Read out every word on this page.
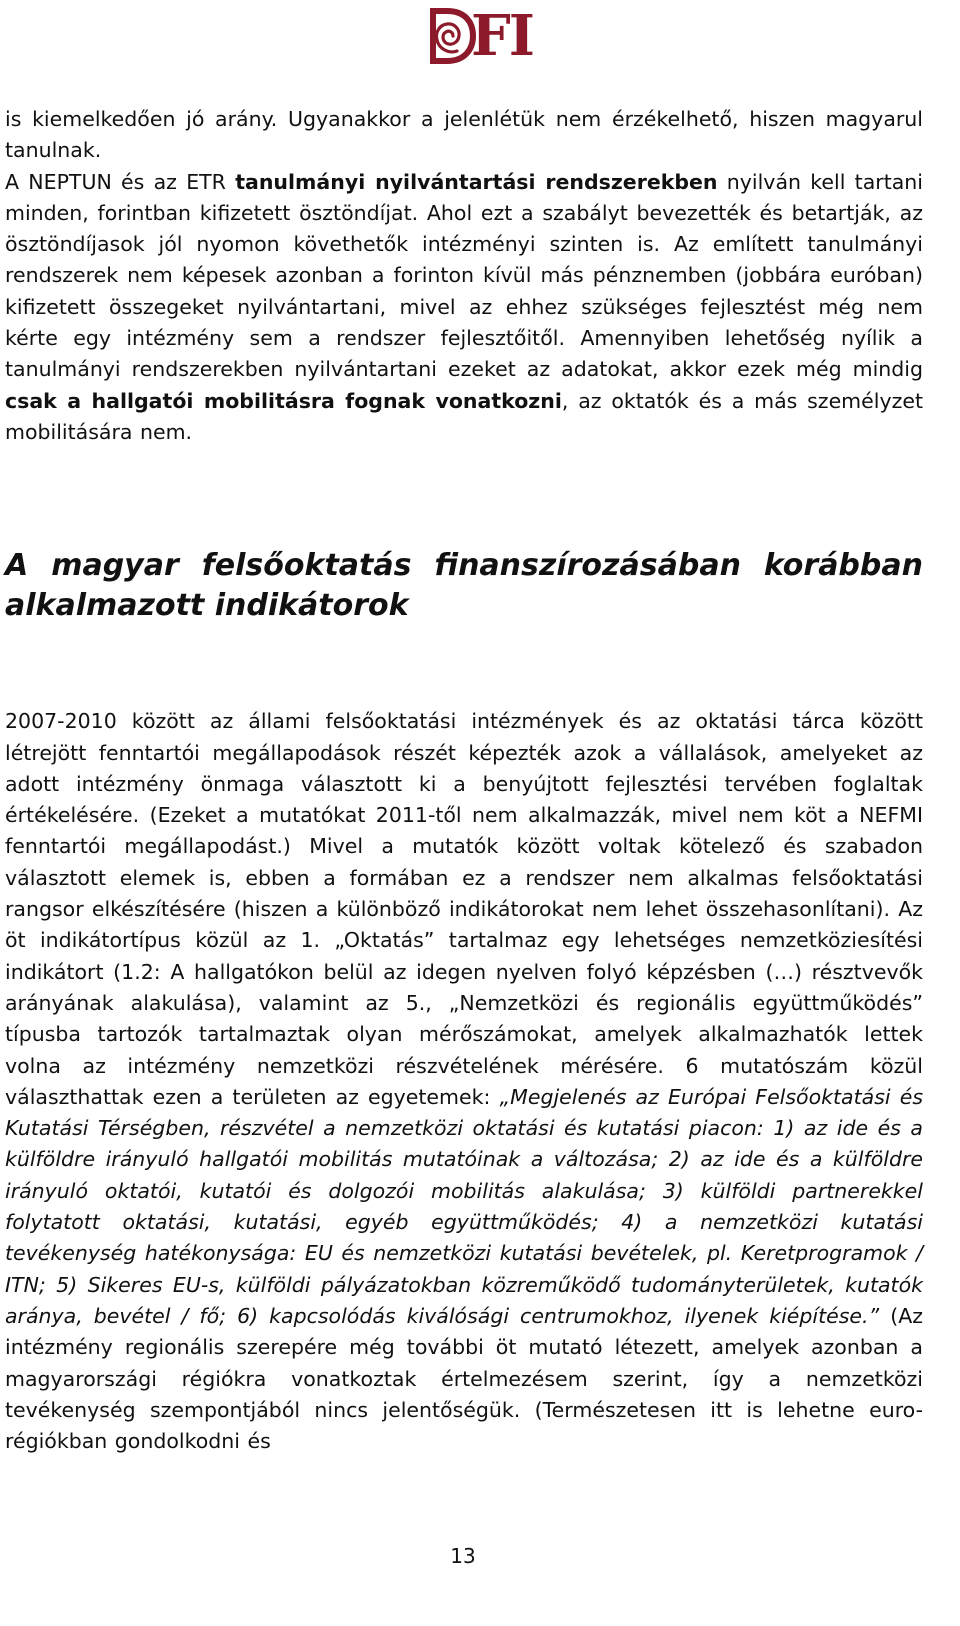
FI

is kiemelkedően jó arány. Ugyanakkor a jelenlétük nem érzékelhető, hiszen magyarul tanulnak.

A NEPTUN és az ETR tanulmányi nyilvántartási rendszerekben nyilván kell tartani minden, forintban kifizetett ösztöndíjat. Ahol ezt a szabályt bevezették és betartják, az ösztöndíjasok jól nyomon követhetők intézményi szinten is. Az említett tanulmányi rendszerek nem képesek azonban a forinton kívül más pénznemben (jobbára euróban) kifizetett összegeket nyilvántartani, mivel az ehhez szükséges fejlesztést még nem kérte egy intézmény sem a rendszer fejlesztőitől. Amennyiben lehetőség nyílik a tanulmányi rendszerekben nyilvántartani ezeket az adatokat, akkor ezek még mindig csak a hallgatói mobilitásra fognak vonatkozni, az oktatók és a más személyzet mobilitására nem.

A magyar felsőoktatás finanszírozásában korábban alkalmazott indikátorok

2007-2010 között az állami felsőoktatási intézmények és az oktatási tárca között létrejött fenntartói megállapodások részét képezték azok a vállalások, amelyeket az adott intézmény önmaga választott ki a benyújtott fejlesztési tervében foglaltak értékelésére. (Ezeket a mutatókat 2011-től nem alkalmazzák, mivel nem köt a NEFMI fenntartói megállapodást.) Mivel a mutatók között voltak kötelező és szabadon választott elemek is, ebben a formában ez a rendszer nem alkalmas felsőoktatási rangsor elkészítésére (hiszen a különböző indikátorokat nem lehet összehasonlítani). Az öt indikátortípus közül az 1. „Oktatás” tartalmaz egy lehetséges nemzetköziesítési indikátort (1.2: A hallgatókon belül az idegen nyelven folyó képzésben (…) résztvevők arányának alakulása), valamint az 5., „Nemzetközi és regionális együttműködés” típusba tartozók tartalmaztak olyan mérőszámokat, amelyek alkalmazhatók lettek volna az intézmény nemzetközi részvételének mérésére. 6 mutatószám közül választhattak ezen a területen az egyetemek: „Megjelenés az Európai Felsőoktatási és Kutatási Térségben, részvétel a nemzetközi oktatási és kutatási piacon: 1) az ide és a külföldre irányuló hallgatói mobilitás mutatóinak a változása; 2) az ide és a külföldre irányuló oktatói, kutatói és dolgozói mobilitás alakulása; 3) külföldi partnerekkel folytatott oktatási, kutatási, egyéb együttműködés; 4) a nemzetközi kutatási tevékenység hatékonysága: EU és nemzetközi kutatási bevételek, pl. Keretprogramok / ITN; 5) Sikeres EU-s, külföldi pályázatokban közreműködő tudományterületek, kutatók aránya, bevétel / fő; 6) kapcsolódás kiválósági centrumokhoz, ilyenek kiépítése.” (Az intézmény regionális szerepére még további öt mutató létezett, amelyek azonban a magyarországi régiókra vonatkoztak értelmezésem szerint, így a nemzetközi tevékenység szempontjából nincs jelentőségük. (Természetesen itt is lehetne euro-régiókban gondolkodni és

13
